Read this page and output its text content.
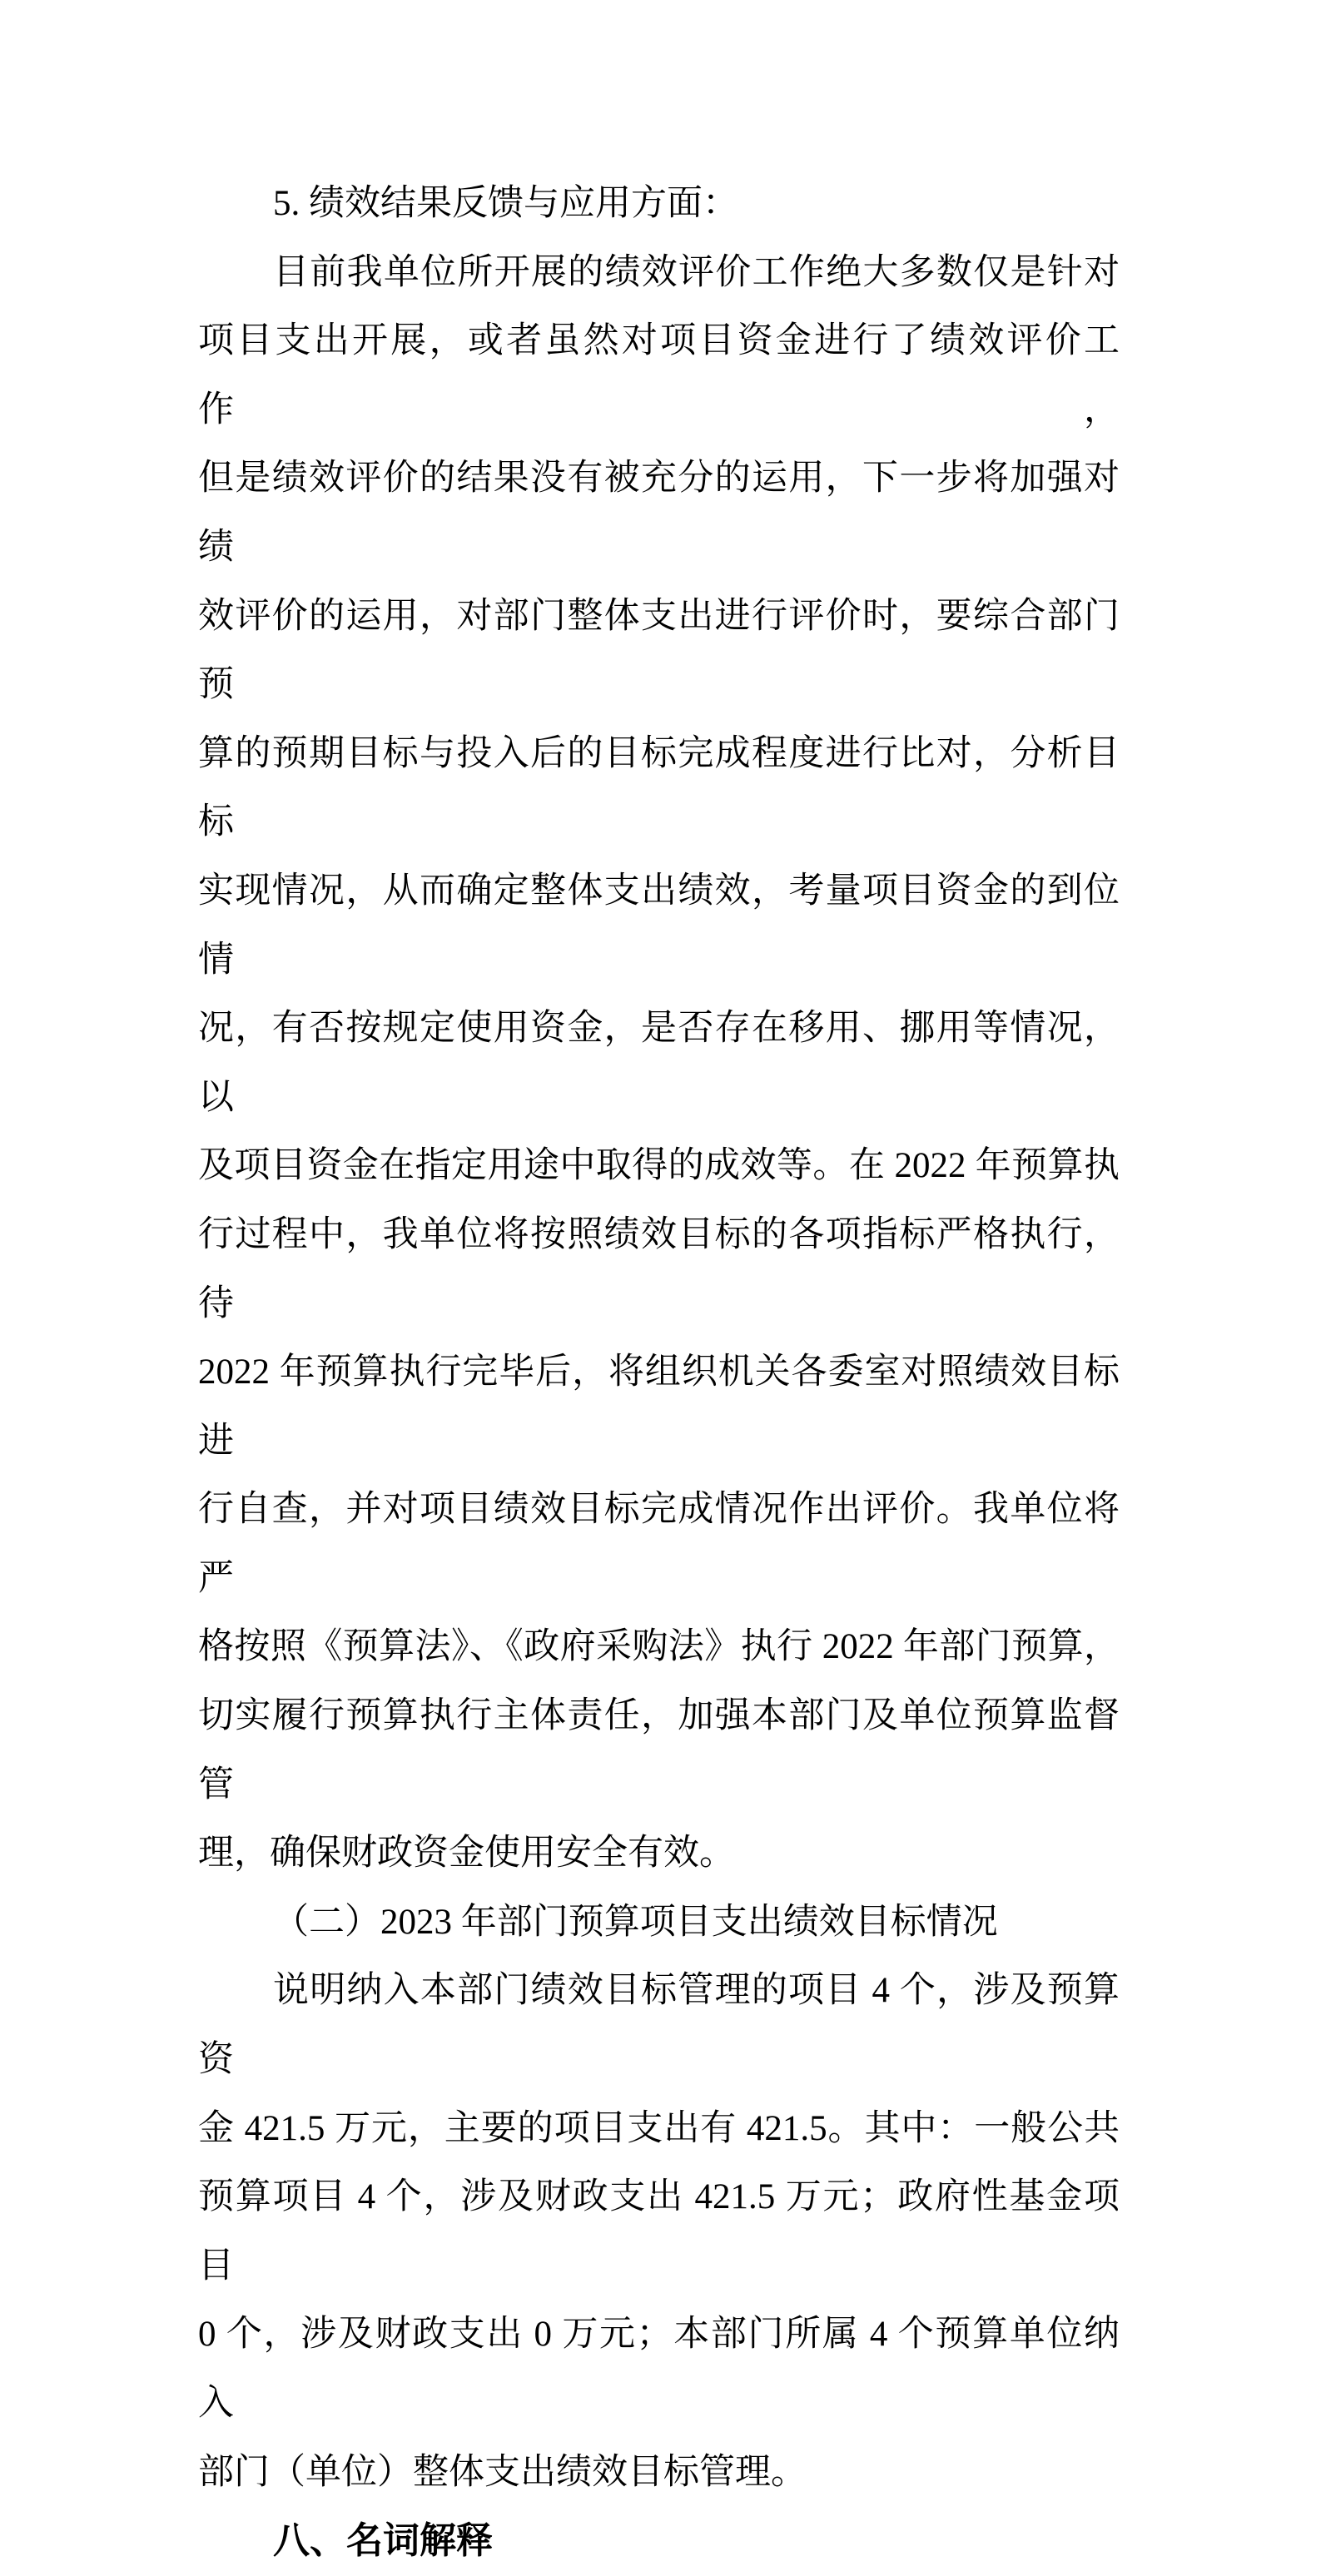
5. 绩效结果反馈与应用方面：
目前我单位所开展的绩效评价工作绝大多数仅是针对
项目支出开展，或者虽然对项目资金进行了绩效评价工作，
但是绩效评价的结果没有被充分的运用，下一步将加强对绩
效评价的运用，对部门整体支出进行评价时，要综合部门预
算的预期目标与投入后的目标完成程度进行比对，分析目标
实现情况，从而确定整体支出绩效，考量项目资金的到位情
况，有否按规定使用资金，是否存在移用、挪用等情况，以
及项目资金在指定用途中取得的成效等。在 2022 年预算执
行过程中，我单位将按照绩效目标的各项指标严格执行，待
2022 年预算执行完毕后，将组织机关各委室对照绩效目标进
行自查，并对项目绩效目标完成情况作出评价。我单位将严
格按照《预算法》、《政府采购法》执行 2022 年部门预算，
切实履行预算执行主体责任，加强本部门及单位预算监督管
理，确保财政资金使用安全有效。
（二）2023 年部门预算项目支出绩效目标情况
说明纳入本部门绩效目标管理的项目 4 个，涉及预算资
金 421.5 万元，主要的项目支出有 421.5。其中：一般公共
预算项目 4 个，涉及财政支出 421.5 万元；政府性基金项目
0 个，涉及财政支出 0 万元；本部门所属 4 个预算单位纳入
部门（单位）整体支出绩效目标管理。
八、名词解释
